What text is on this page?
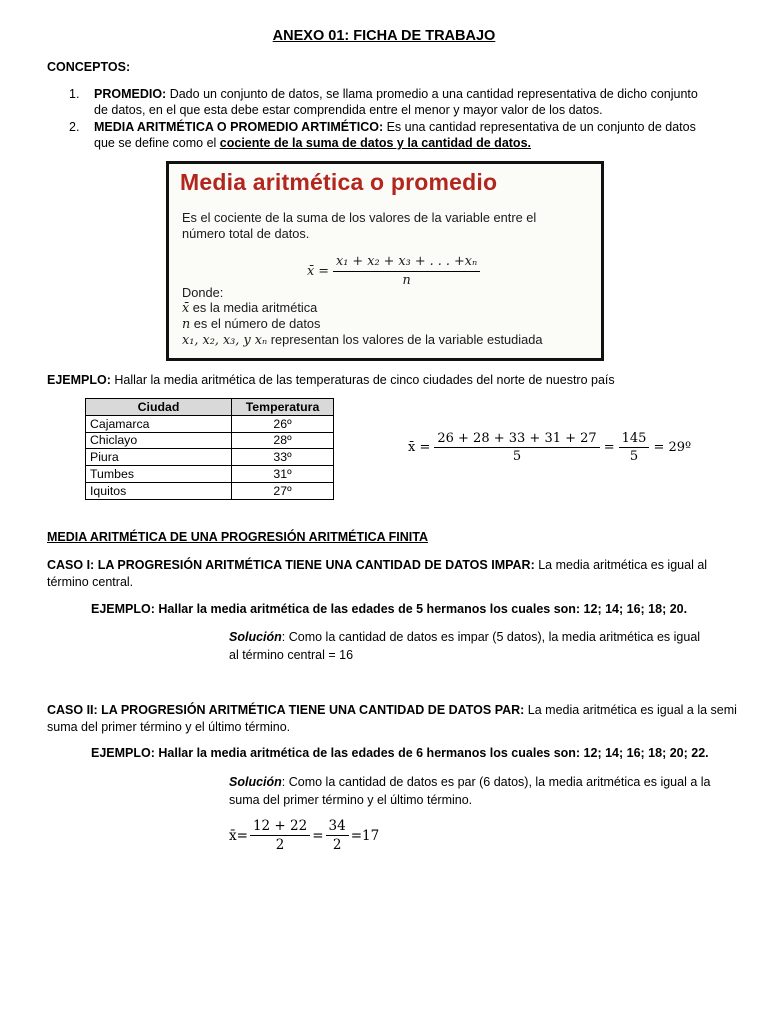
ANEXO 01: FICHA DE TRABAJO
CONCEPTOS:
1. PROMEDIO: Dado un conjunto de datos, se llama promedio a una cantidad representativa de dicho conjunto
de datos, en el que esta debe estar comprendida entre el menor y mayor valor de los datos.
2. MEDIA ARITMÉTICA O PROMEDIO ARTIMÉTICO: Es una cantidad representativa de un conjunto de datos
que se define como el cociente de la suma de datos y la cantidad de datos.
Media aritmética o promedio
Es el cociente de la suma de los valores de la variable entre el
número total de datos.
x̄ = $\frac{\text{x₁ + x₂ + x₃ + . . . +xₙ}}{n}$
Donde:
x̄ es la media aritmética
n es el número de datos
x₁, x₂, x₃, y xₙ representan los valores de la variable estudiada
EJEMPLO: Hallar la media aritmética de las temperaturas de cinco ciudades del norte de nuestro país
Ciudad	Temperatura
Cajamarca	26º
Chiclayo	28º
Piura	33º
Tumbes	31º
Iquitos	27º
x̄ = $\frac{26 + 28 + 33 + 31 + 27}{5} = \frac{145}{5}$ = 29º
MEDIA ARITMÉTICA DE UNA PROGRESIÓN ARITMÉTICA FINITA
CASO I: LA PROGRESIÓN ARITMÉTICA TIENE UNA CANTIDAD DE DATOS IMPAR: La media aritmética es igual al
término central.
EJEMPLO: Hallar la media aritmética de las edades de 5 hermanos los cuales son: 12; 14; 16; 18; 20.
Solución: Como la cantidad de datos es impar (5 datos), la media aritmética es igual
al término central = 16
CASO II: LA PROGRESIÓN ARITMÉTICA TIENE UNA CANTIDAD DE DATOS PAR: La media aritmética es igual a la semi
suma del primer término y el último término.
EJEMPLO: Hallar la media aritmética de las edades de 6 hermanos los cuales son: 12; 14; 16; 18; 20; 22.
Solución: Como la cantidad de datos es par (6 datos), la media aritmética es igual a la
suma del primer término y el último término.
x̄= $\frac{12 + 22}{2} = \frac{34}{2} =17$
